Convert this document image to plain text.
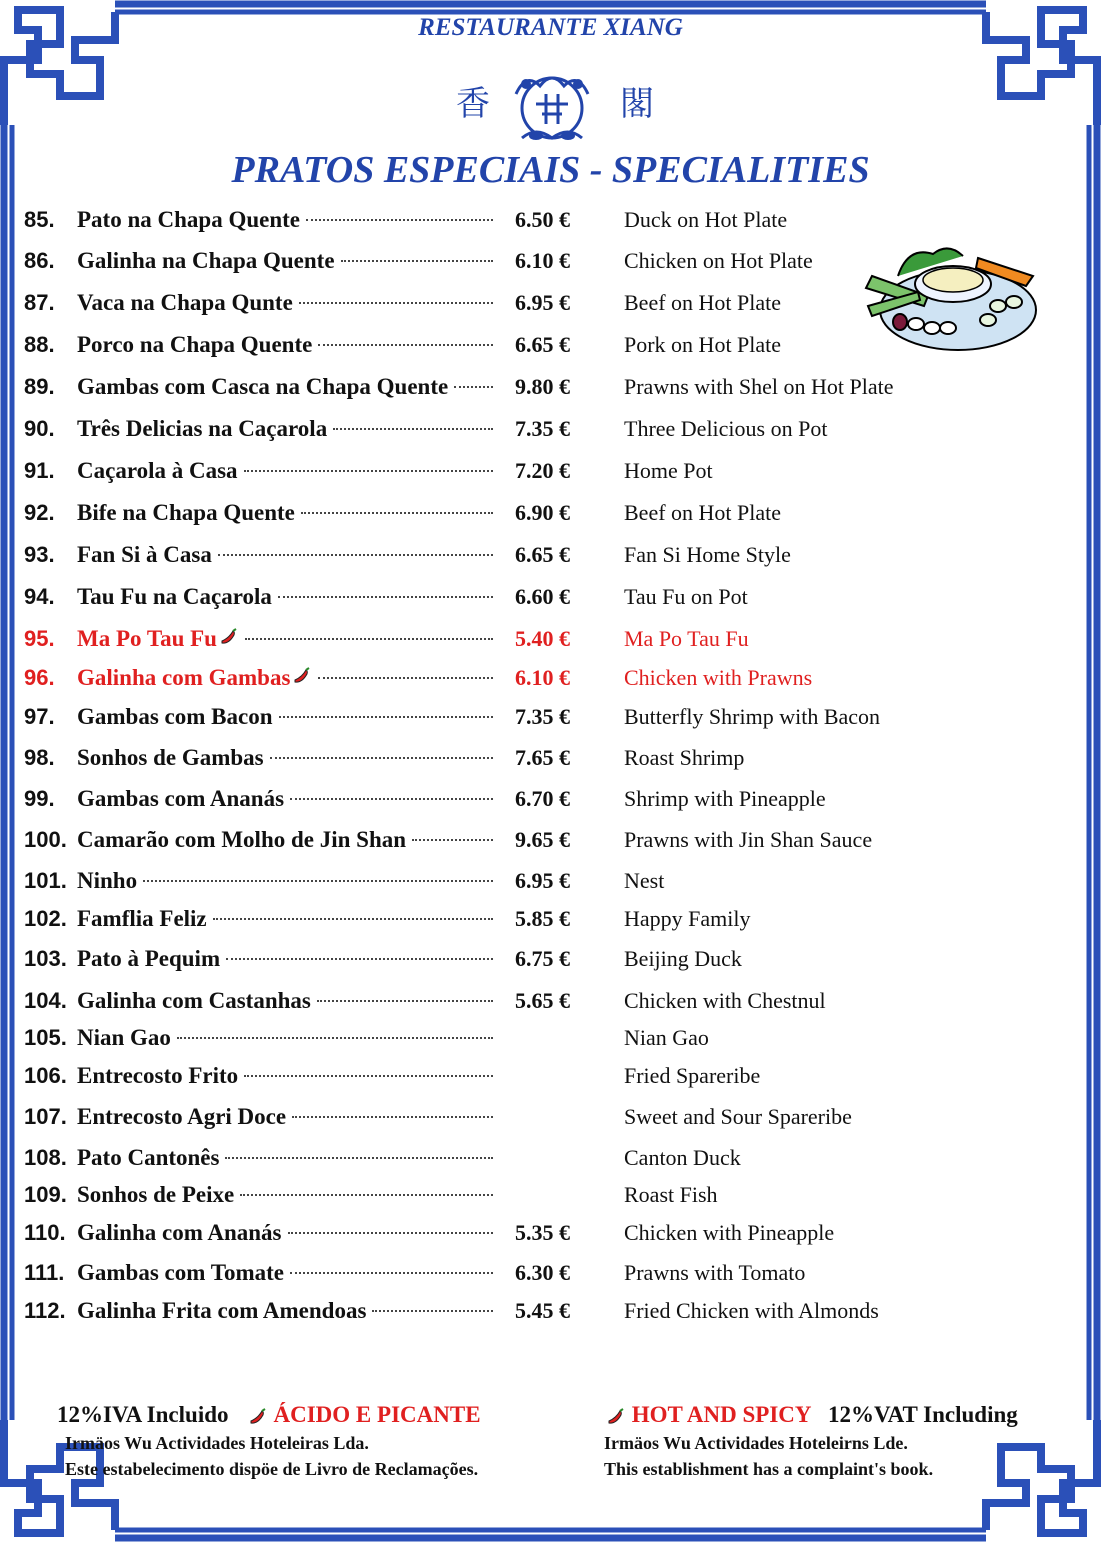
RESTAURANTE XIANG
香	閣
PRATOS ESPECIAIS - SPECIALITIES
85. Pato na Chapa Quente	6.50 € Duck on Hot Plate
86. Galinha na Chapa Quente	6.10 € Chicken on Hot Plate
87. Vaca na Chapa Qunte	6.95 € Beef on Hot Plate
88. Porco na Chapa Quente	6.65 € Pork on Hot Plate
89. Gambas com Casca na Chapa Quente	9.80 € Prawns with Shel on Hot Plate
90. Três Delicias na Caçarola	7.35 € Three Delicious on Pot
91. Caçarola à Casa	7.20 € Home Pot
92. Bife na Chapa Quente	6.90 € Beef on Hot Plate
93. Fan Si à Casa	6.65 € Fan Si Home Style
94. Tau Fu na Caçarola	6.60 € Tau Fu on Pot
95. Ma Po Tau Fu	5.40 € Ma Po Tau Fu
96. Galinha com Gambas	6.10 € Chicken with Prawns
97. Gambas com Bacon	7.35 € Butterfly Shrimp with Bacon
98. Sonhos de Gambas	7.65 € Roast Shrimp
99. Gambas com Ananás	6.70 € Shrimp with Pineapple
100. Camarão com Molho de Jin Shan	9.65 € Prawns with Jin Shan Sauce
101. Ninho	6.95 € Nest
102. Famflia Feliz	5.85 € Happy Family
103. Pato à Pequim	6.75 € Beijing Duck
104. Galinha com Castanhas	5.65 € Chicken with Chestnul
105. Nian Gao	Nian Gao
106. Entrecosto Frito	Fried Spareribe
107. Entrecosto Agri Doce	Sweet and Sour Spareribe
108. Pato Cantonês	Canton Duck
109. Sonhos de Peixe	Roast Fish
110. Galinha com Ananás	5.35 € Chicken with Pineapple
111. Gambas com Tomate	6.30 € Prawns with Tomato
112. Galinha Frita com Amendoas	5.45 € Fried Chicken with Almonds
12%IVA Incluido ÁCIDO E PICANTE
Irmäos Wu Actividades Hoteleiras Lda.
Este estabelecimento dispöe de Livro de Reclamações.
HOT AND SPICY 12%VAT Including
Irmäos Wu Actividades Hoteleirns Lde.
This establishment has a complaint's book.
